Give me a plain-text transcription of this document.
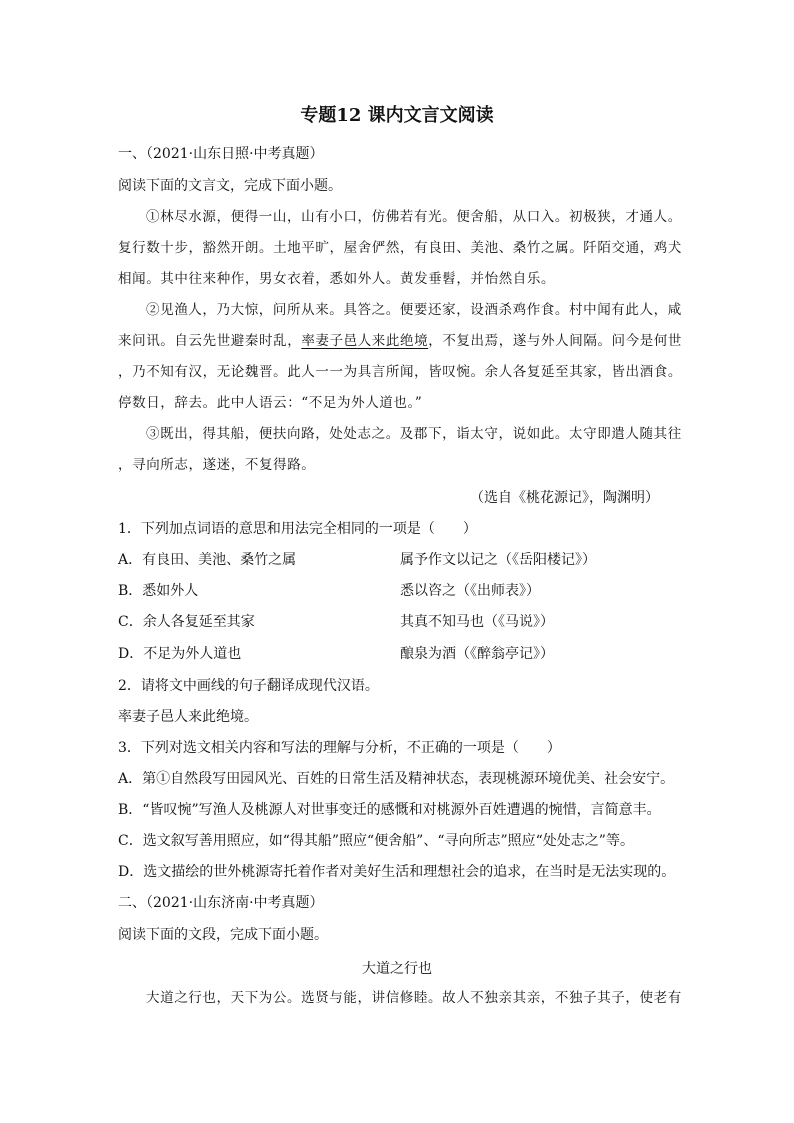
专题12 课内文言文阅读
一、（2021·山东日照·中考真题）
阅读下面的文言文，完成下面小题。
①林尽水源，便得一山，山有小口，仿佛若有光。便舍船，从口入。初极狭，才通人。
复行数十步，豁然开朗。土地平旷，屋舍俨然，有良田、美池、桑竹之属。阡陌交通，鸡犬
相闻。其中往来种作，男女衣着，悉如外人。黄发垂髫，并怡然自乐。
②见渔人，乃大惊，问所从来。具答之。便要还家，设酒杀鸡作食。村中闻有此人，咸
来问讯。自云先世避秦时乱，率妻子邑人来此绝境，不复出焉，遂与外人间隔。问今是何世
，乃不知有汉，无论魏晋。此人一一为具言所闻，皆叹惋。余人各复延至其家，皆出酒食。
停数日，辞去。此中人语云：“不足为外人道也。”
③既出，得其船，便扶向路，处处志之。及郡下，诣太守，说如此。太守即遣人随其往
，寻向所志，遂迷，不复得路。
（选自《桃花源记》，陶渊明）
1．下列加点词语的意思和用法完全相同的一项是（　　）
A．有良田、美池、桑竹之属	属予作文以记之（《岳阳楼记》）
B．悉如外人	悉以咨之（《出师表》）
C．余人各复延至其家	其真不知马也（《马说》）
D．不足为外人道也	酿泉为酒（《醉翁亭记》）
2．请将文中画线的句子翻译成现代汉语。
率妻子邑人来此绝境。
3．下列对选文相关内容和写法的理解与分析，不正确的一项是（　　）
A．第①自然段写田园风光、百姓的日常生活及精神状态，表现桃源环境优美、社会安宁。
B．“皆叹惋”写渔人及桃源人对世事变迁的感慨和对桃源外百姓遭遇的惋惜，言简意丰。
C．选文叙写善用照应，如“得其船”照应“便舍船”、“寻向所志”照应“处处志之”等。
D．选文描绘的世外桃源寄托着作者对美好生活和理想社会的追求，在当时是无法实现的。
二、（2021·山东济南·中考真题）
阅读下面的文段，完成下面小题。
大道之行也
大道之行也，天下为公。选贤与能，讲信修睦。故人不独亲其亲，不独子其子，使老有
